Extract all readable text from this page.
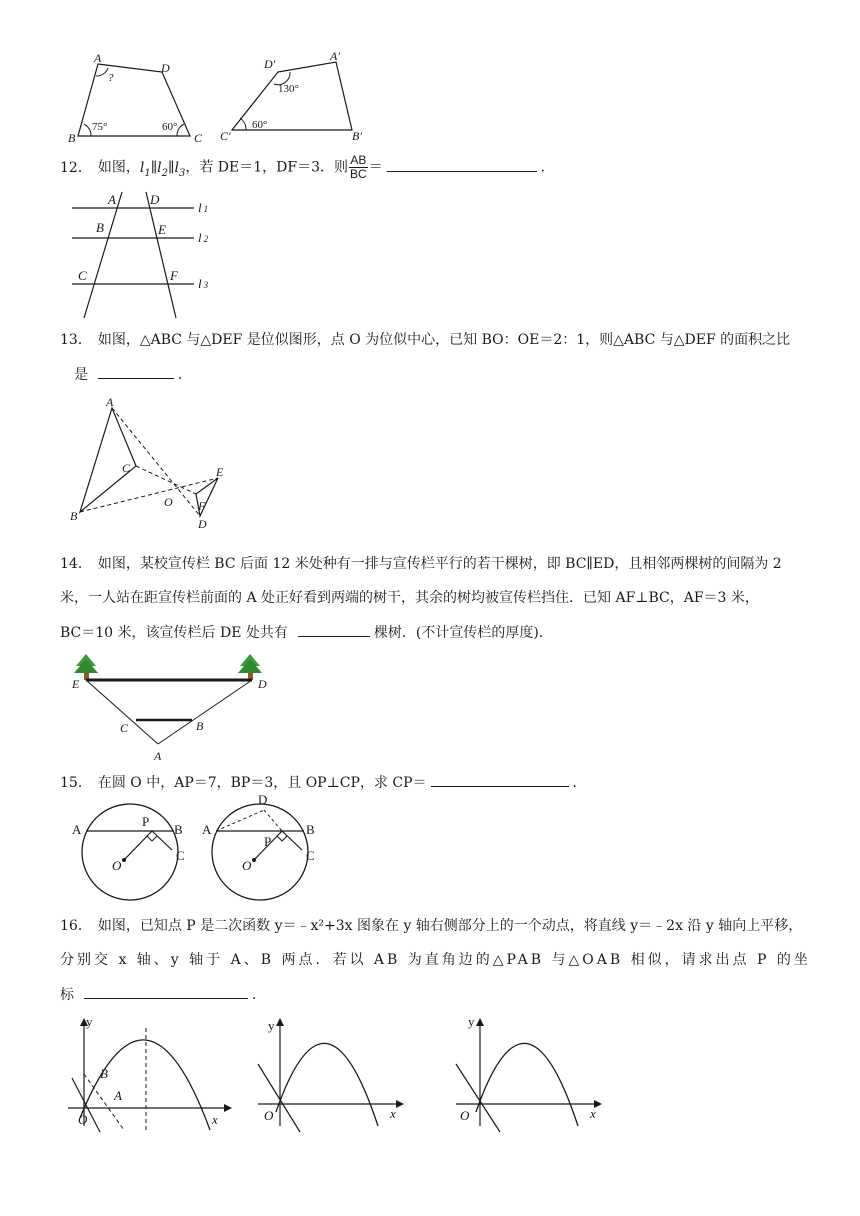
A
D
B	C
?
75°	60°
D′
A′
C′	B′
130°
60°
12． 如图，$l_1\parallel l_2\parallel l_3$，若 DE＝1，DF＝3．则 $\frac{AB}{BC}$ ＝	．
A	D
B	E
C	F
l 1
l 2
l 3
13． 如图，△ABC 与△DEF 是位似图形，点 O 为位似中心，已知 BO：OE＝2：1，则△ABC 与△DEF 的面积之比
是	．
A
B
C
O
E
F
D
14． 如图，某校宣传栏 BC 后面 12 米处种有一排与宣传栏平行的若干棵树，即 BC∥ED，且相邻两棵树的间隔为 2
米，一人站在距宣传栏前面的 A 处正好看到两端的树干，其余的树均被宣传栏挡住．已知 AF⊥BC，AF＝3 米，
BC＝10 米，该宣传栏后 DE 处共有	棵树．(不计宣传栏的厚度)．
E	D
C	B
A
15． 在圆 O 中，AP＝7，BP＝3，且 OP⊥CP，求 CP＝	．
A
P
B
O
C
D
A
P
B
O
C
16． 如图，已知点 P 是二次函数 y＝﹣x²+3x 图象在 y 轴右侧部分上的一个动点，将直线 y＝﹣2x 沿 y 轴向上平移，
分别交 x 轴、y 轴于 A、B 两点．若以 AB 为直角边的△PAB 与△OAB 相似，请求出点 P 的坐
标	．
y
x
O
B
A
y
x
O
y
x
O
